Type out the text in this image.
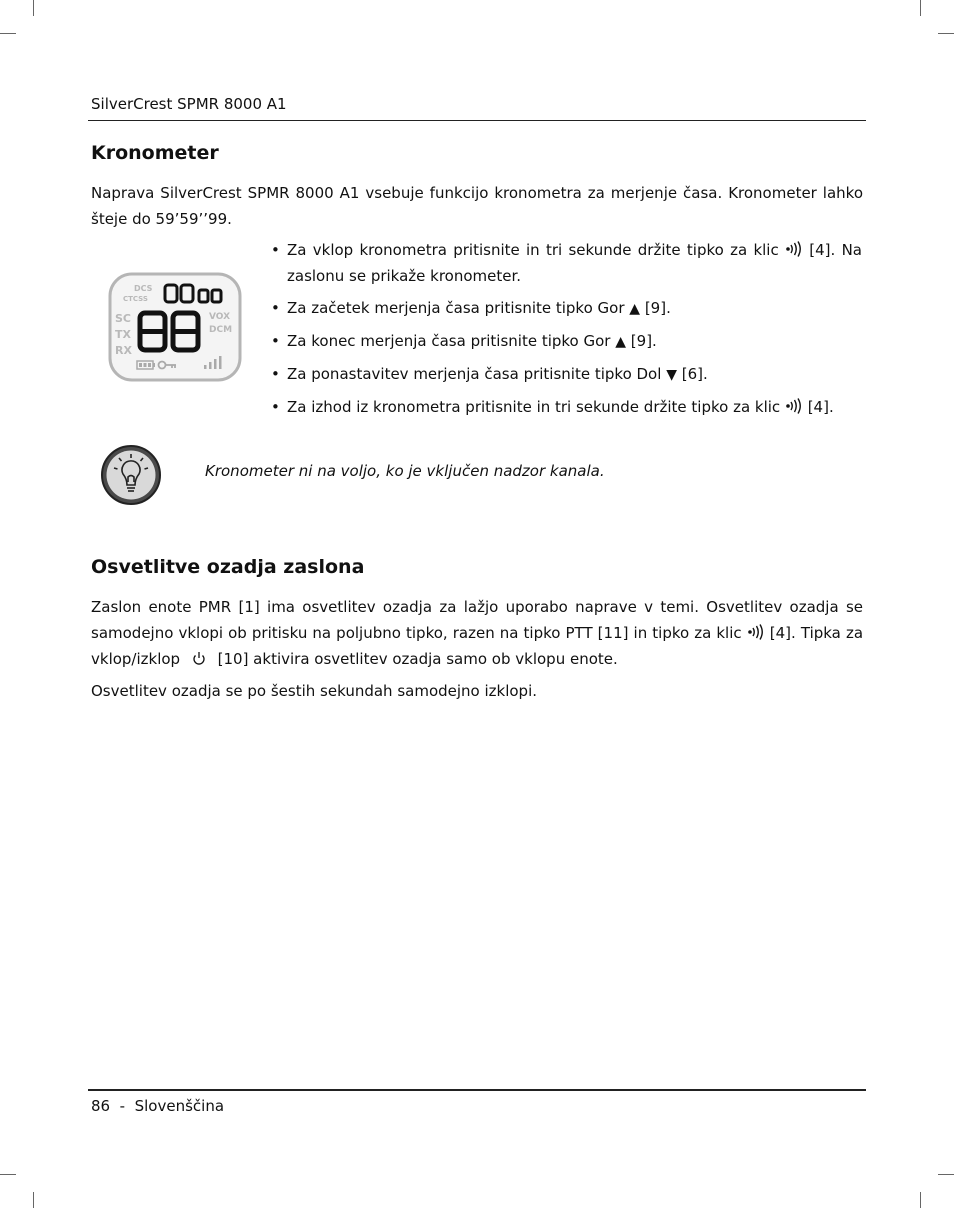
SilverCrest SPMR 8000 A1
Kronometer

Naprava SilverCrest SPMR 8000 A1 vsebuje funkcijo kronometra za merjenje časa. Kronometer lahko šteje do 59’59’’99.

DCS
CTCSS
SC
TX
RX
VOX
DCM
• Za vklop kronometra pritisnite in tri sekunde držite tipko za klic  [4]. Na zaslonu se prikaže kronometer.
• Za začetek merjenja časa pritisnite tipko Gor ▲ [9].
• Za konec merjenja časa pritisnite tipko Gor ▲ [9].
• Za ponastavitev merjenja časa pritisnite tipko Dol ▼ [6].
• Za izhod iz kronometra pritisnite in tri sekunde držite tipko za klic  [4].
Kronometer ni na voljo, ko je vključen nadzor kanala.
Osvetlitve ozadja zaslona

Zaslon enote PMR [1] ima osvetlitev ozadja za lažjo uporabo naprave v temi. Osvetlitev ozadja se samodejno vklopi ob pritisku na poljubno tipko, razen na tipko PTT [11] in tipko za klic  [4]. Tipka za vklop/izklop  [10] aktivira osvetlitev ozadja samo ob vklopu enote.

Osvetlitev ozadja se po šestih sekundah samodejno izklopi.

86 - Slovenščina
